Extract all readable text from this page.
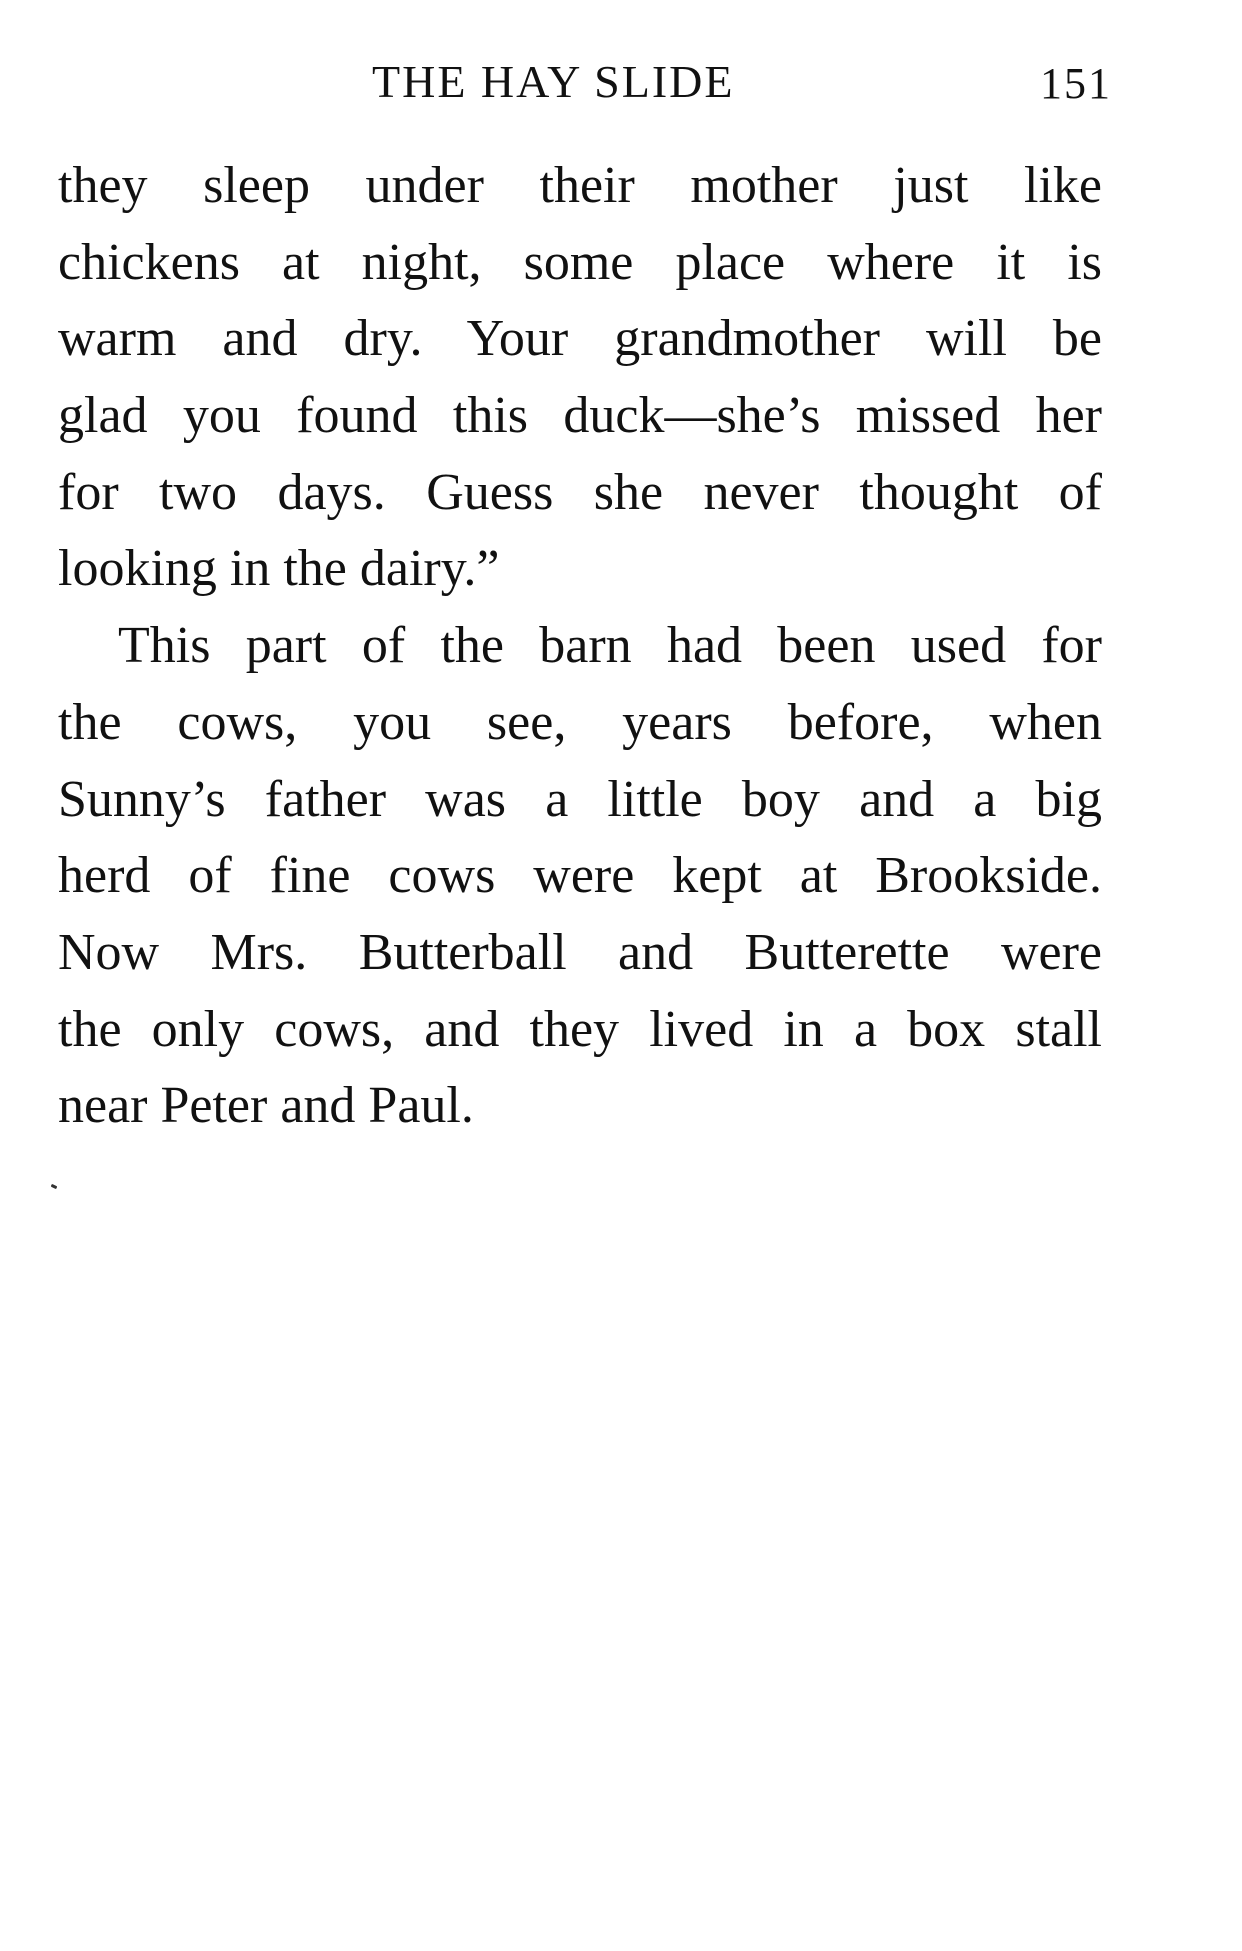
THE HAY SLIDE	151
they sleep under their mother just like
chickens at night, some place where it is
warm and dry. Your grandmother will be
glad you found this duck—she’s missed her
for two days. Guess she never thought of
looking in the dairy.”
This part of the barn had been used for
the cows, you see, years before, when
Sunny’s father was a little boy and a big
herd of fine cows were kept at Brookside.
Now Mrs. Butterball and Butterette were
the only cows, and they lived in a box stall
near Peter and Paul.
